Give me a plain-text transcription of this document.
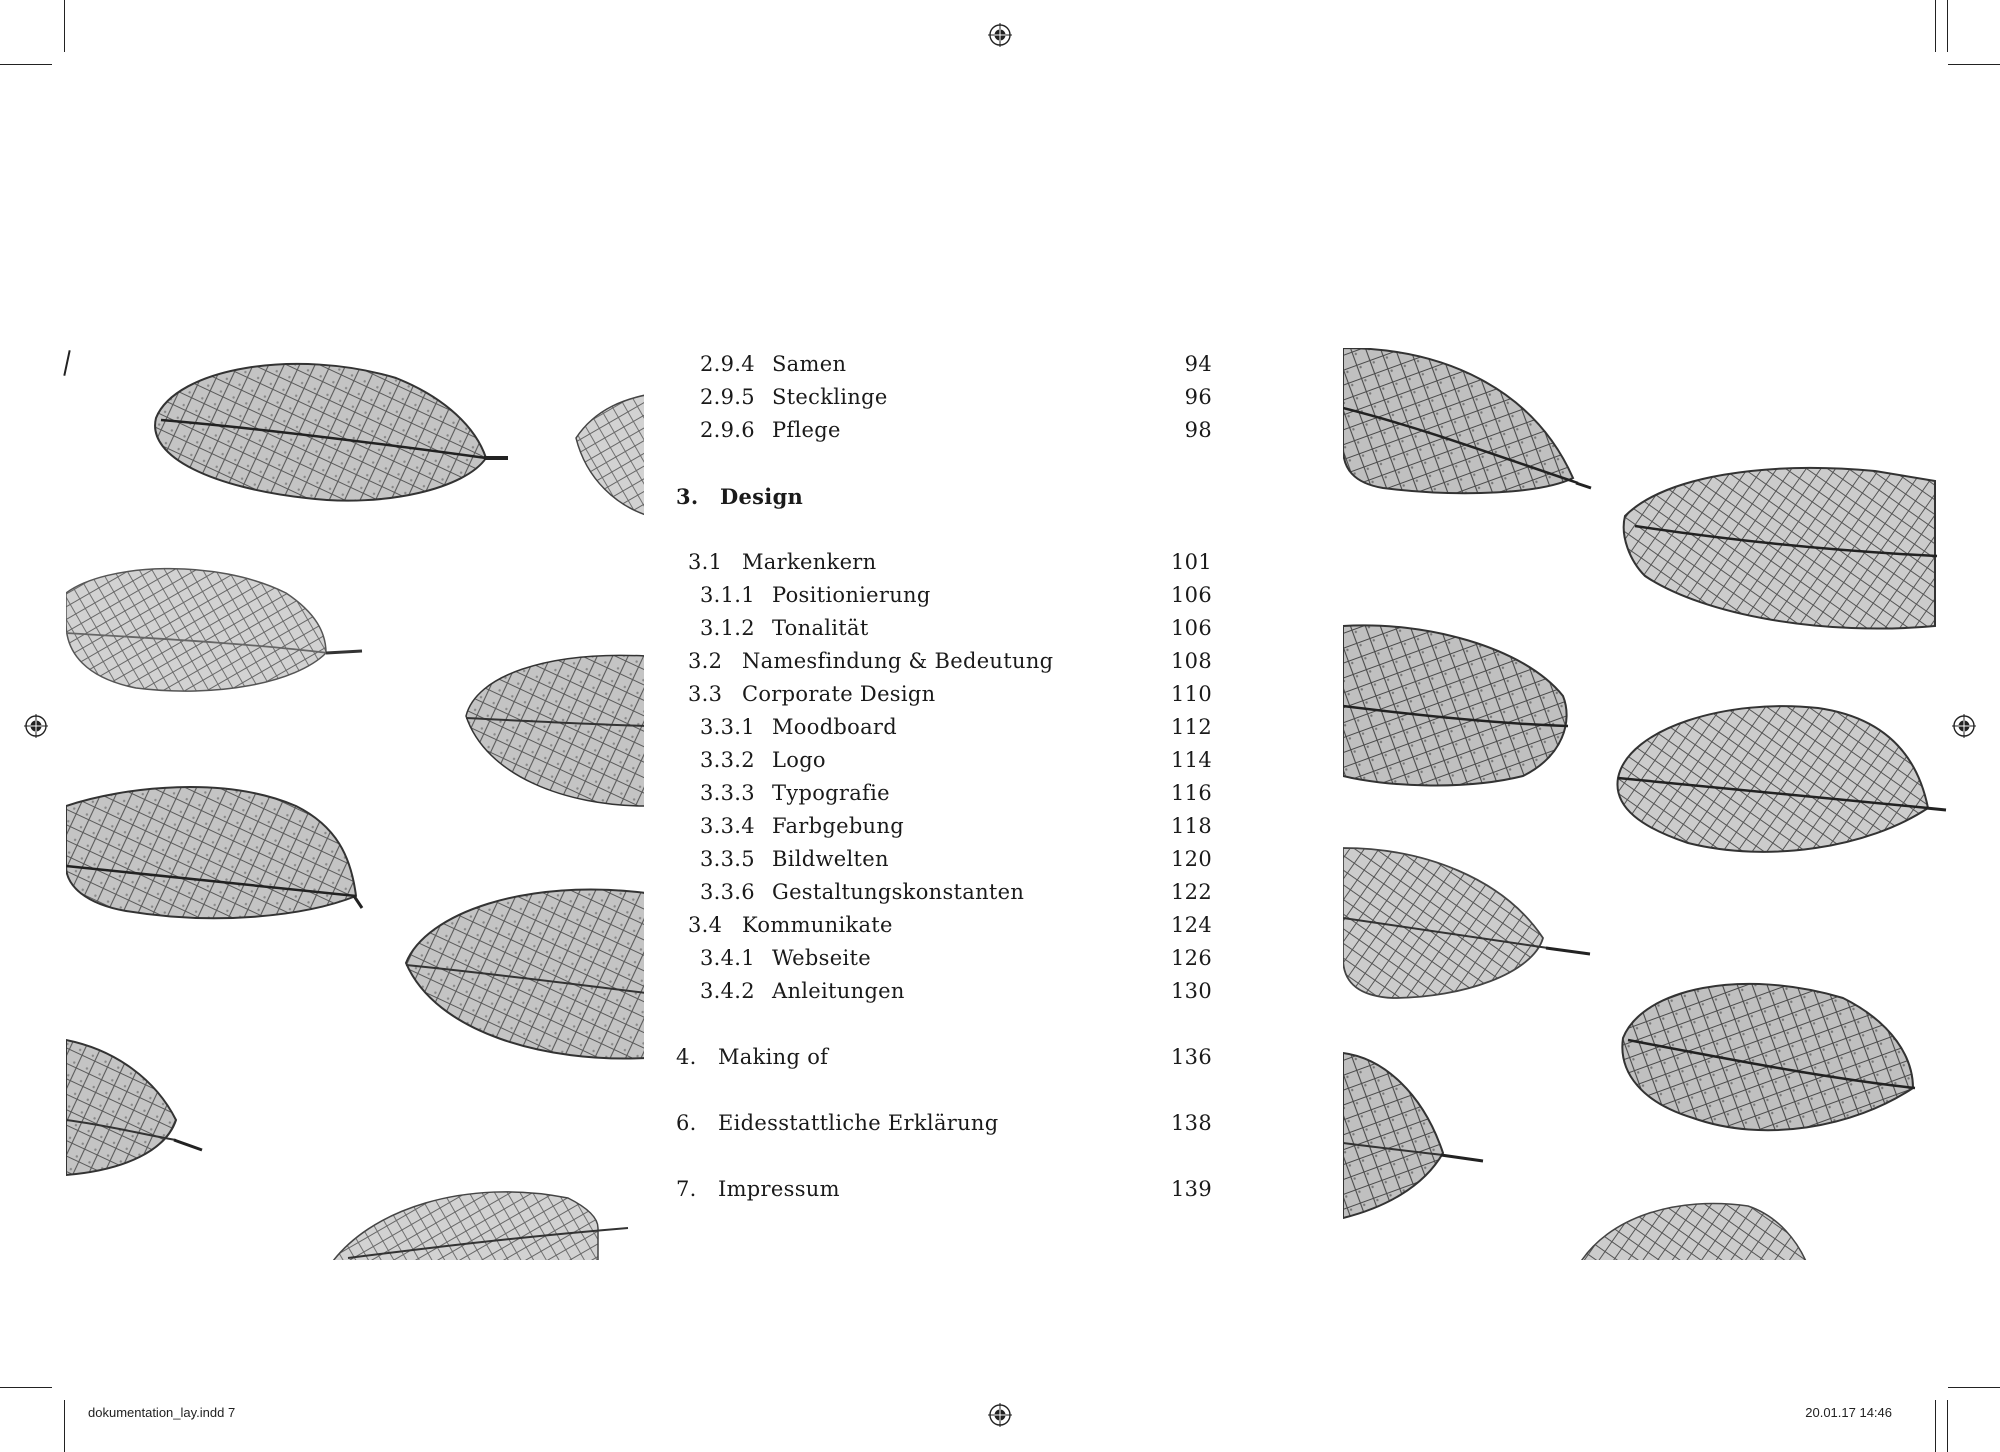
2.9.4 Samen	94
2.9.5 Stecklinge	96
2.9.6 Pflege	98
3. Design
3.1 Markenkern	101
3.1.1 Positionierung	106
3.1.2 Tonalität	106
3.2 Namesfindung & Bedeutung	108
3.3 Corporate Design	110
3.3.1 Moodboard	112
3.3.2 Logo	114
3.3.3 Typografie	116
3.3.4 Farbgebung	118
3.3.5 Bildwelten	120
3.3.6 Gestaltungskonstanten	122
3.4 Kommunikate	124
3.4.1 Webseite	126
3.4.2 Anleitungen	130
4. Making of	136
6. Eidesstattliche Erklärung	138
7. Impressum	139
dokumentation_lay.indd 7	20.01.17 14:46
